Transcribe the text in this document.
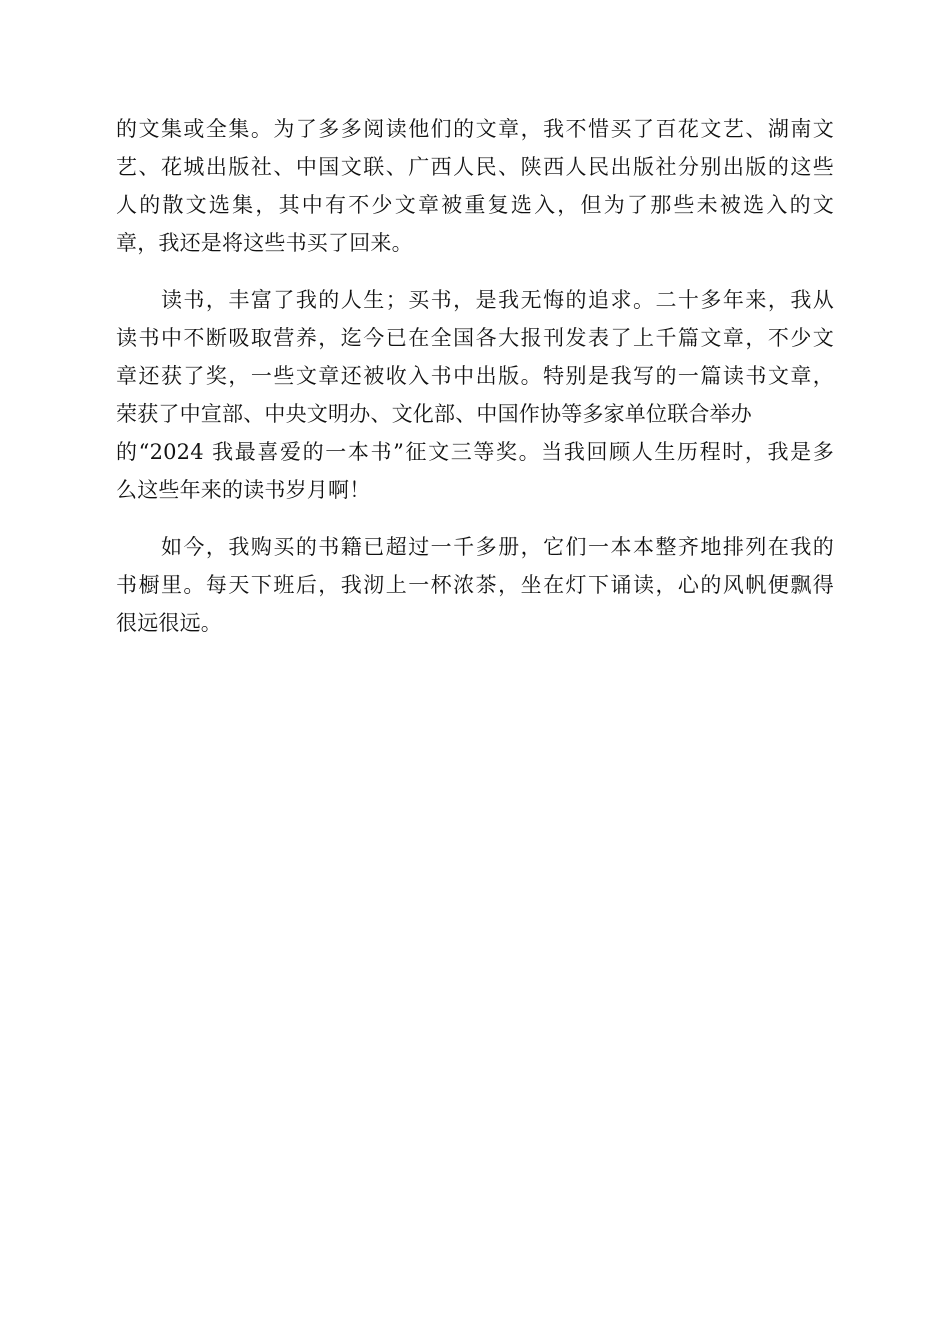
的文集或全集。为了多多阅读他们的文章，我不惜买了百花文艺、湖南文
艺、花城出版社、中国文联、广西人民、陕西人民出版社分别出版的这些
人的散文选集，其中有不少文章被重复选入，但为了那些未被选入的文
章，我还是将这些书买了回来。

　　读书，丰富了我的人生；买书，是我无悔的追求。二十多年来，我从
读书中不断吸取营养，迄今已在全国各大报刊发表了上千篇文章，不少文
章还获了奖，一些文章还被收入书中出版。特别是我写的一篇读书文章，
荣获了中宣部、中央文明办、文化部、中国作协等多家单位联合举办
的“2024 我最喜爱的一本书”征文三等奖。当我回顾人生历程时，我是多
么这些年来的读书岁月啊！

　　如今，我购买的书籍已超过一千多册，它们一本本整齐地排列在我的
书橱里。每天下班后，我沏上一杯浓茶，坐在灯下诵读，心的风帆便飘得
很远很远。
